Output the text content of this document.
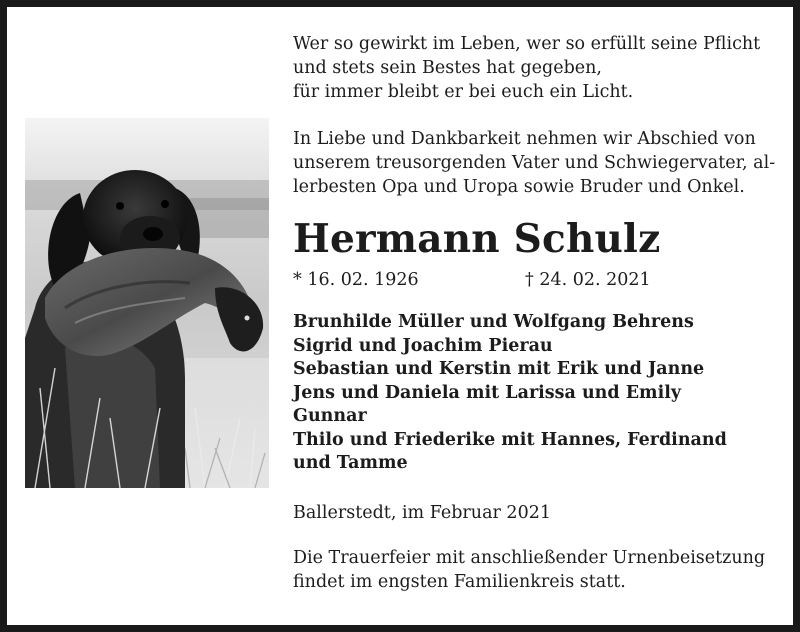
Wer so gewirkt im Leben, wer so erfüllt seine Pflicht
und stets sein Bestes hat gegeben,
für immer bleibt er bei euch ein Licht.
In Liebe und Dankbarkeit nehmen wir Abschied von
unserem treusorgenden Vater und Schwiegervater, al-
lerbesten Opa und Uropa sowie Bruder und Onkel.
Hermann Schulz
* 16. 02. 1926	† 24. 02. 2021
Brunhilde Müller und Wolfgang Behrens
Sigrid und Joachim Pierau
Sebastian und Kerstin mit Erik und Janne
Jens und Daniela mit Larissa und Emily
Gunnar
Thilo und Friederike mit Hannes, Ferdinand
und Tamme
Ballerstedt, im Februar 2021
Die Trauerfeier mit anschließender Urnenbeisetzung
findet im engsten Familienkreis statt.
